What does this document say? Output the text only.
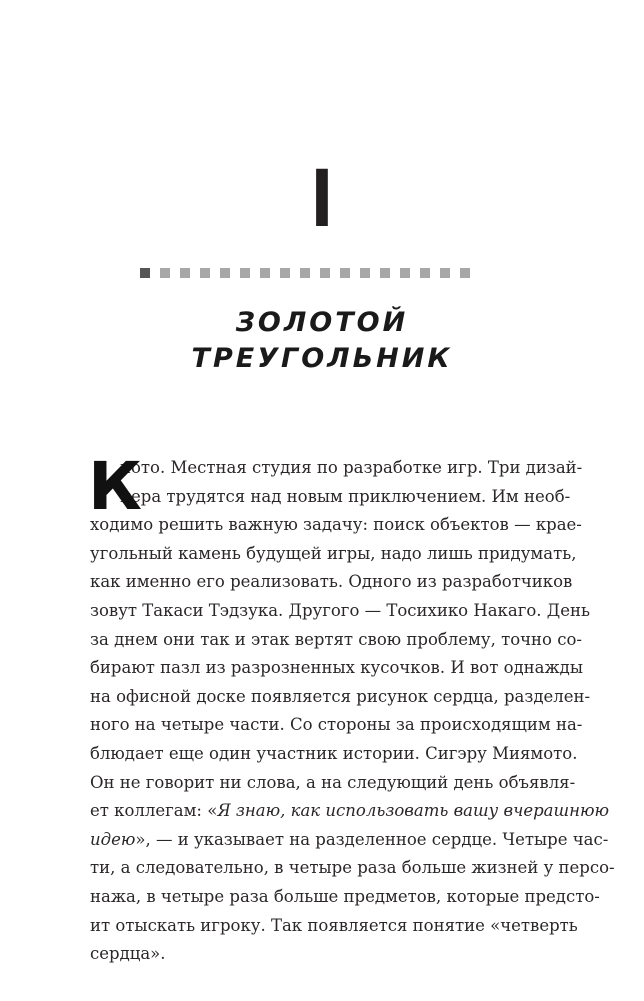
I
ЗОЛОТОЙ
ТРЕУГОЛЬНИК
К
иото. Местная студия по разработке игр. Три дизай-
нера трудятся над новым приключением. Им необ-
ходимо решить важную задачу: поиск объектов — крае-
угольный камень будущей игры, надо лишь придумать,
как именно его реализовать. Одного из разработчиков
зовут Такаси Тэдзука. Другого — Тосихико Накаго. День
за днем они так и этак вертят свою проблему, точно со-
бирают пазл из разрозненных кусочков. И вот однажды
на офисной доске появляется рисунок сердца, разделен-
ного на четыре части. Со стороны за происходящим на-
блюдает еще один участник истории. Сигэру Миямото.
Он не говорит ни слова, а на следующий день объявля-
ет коллегам: «Я знаю, как использовать вашу вчерашнюю
идею», — и указывает на разделенное сердце. Четыре час-
ти, а следовательно, в четыре раза больше жизней у персо-
нажа, в четыре раза больше предметов, которые предсто-
ит отыскать игроку. Так появляется понятие «четверть
сердца».
